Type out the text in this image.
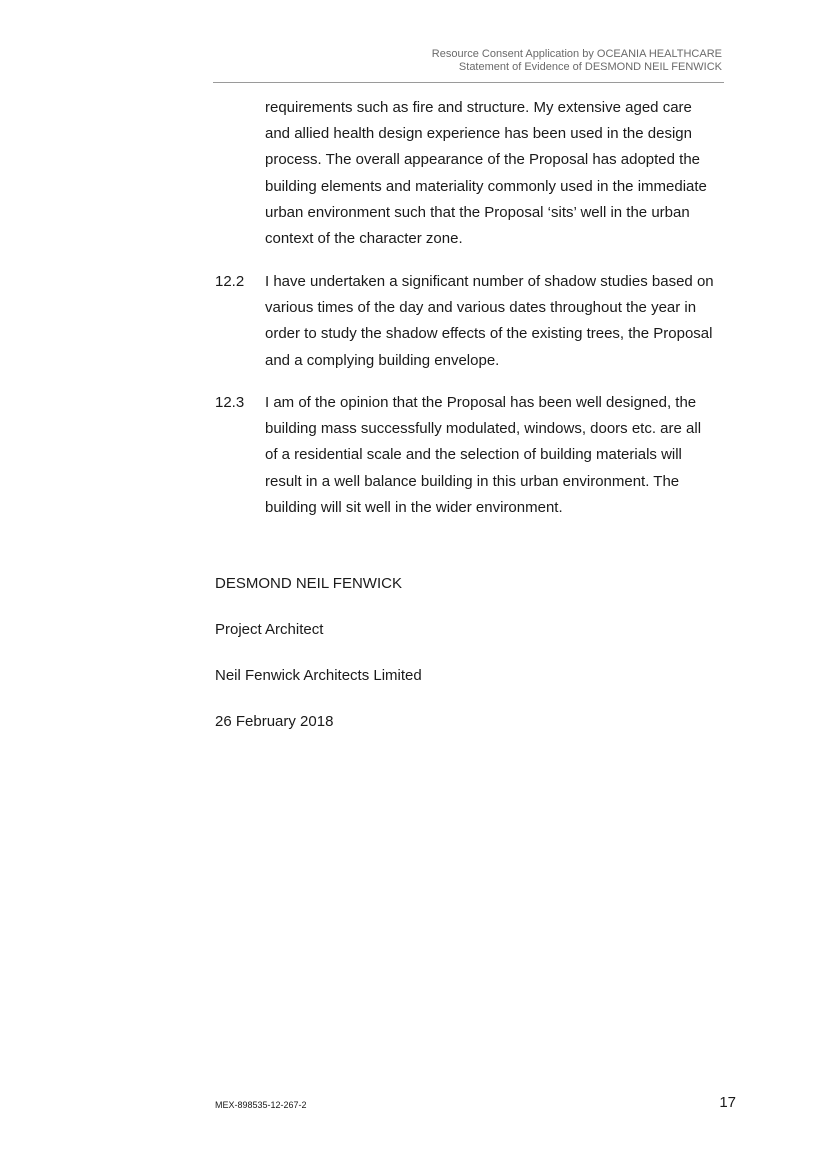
Resource Consent Application by OCEANIA HEALTHCARE
Statement of Evidence of DESMOND NEIL FENWICK
requirements such as fire and structure. My extensive aged care
and allied health design experience has been used in the design
process. The overall appearance of the Proposal has adopted the
building elements and materiality commonly used in the immediate
urban environment such that the Proposal ‘sits’ well in the urban
context of the character zone.
12.2 I have undertaken a significant number of shadow studies based on
various times of the day and various dates throughout the year in
order to study the shadow effects of the existing trees, the Proposal
and a complying building envelope.
12.3 I am of the opinion that the Proposal has been well designed, the
building mass successfully modulated, windows, doors etc. are all
of a residential scale and the selection of building materials will
result in a well balance building in this urban environment. The
building will sit well in the wider environment.
DESMOND NEIL FENWICK
Project Architect
Neil Fenwick Architects Limited
26 February 2018
MEX-898535-12-267-2	17
